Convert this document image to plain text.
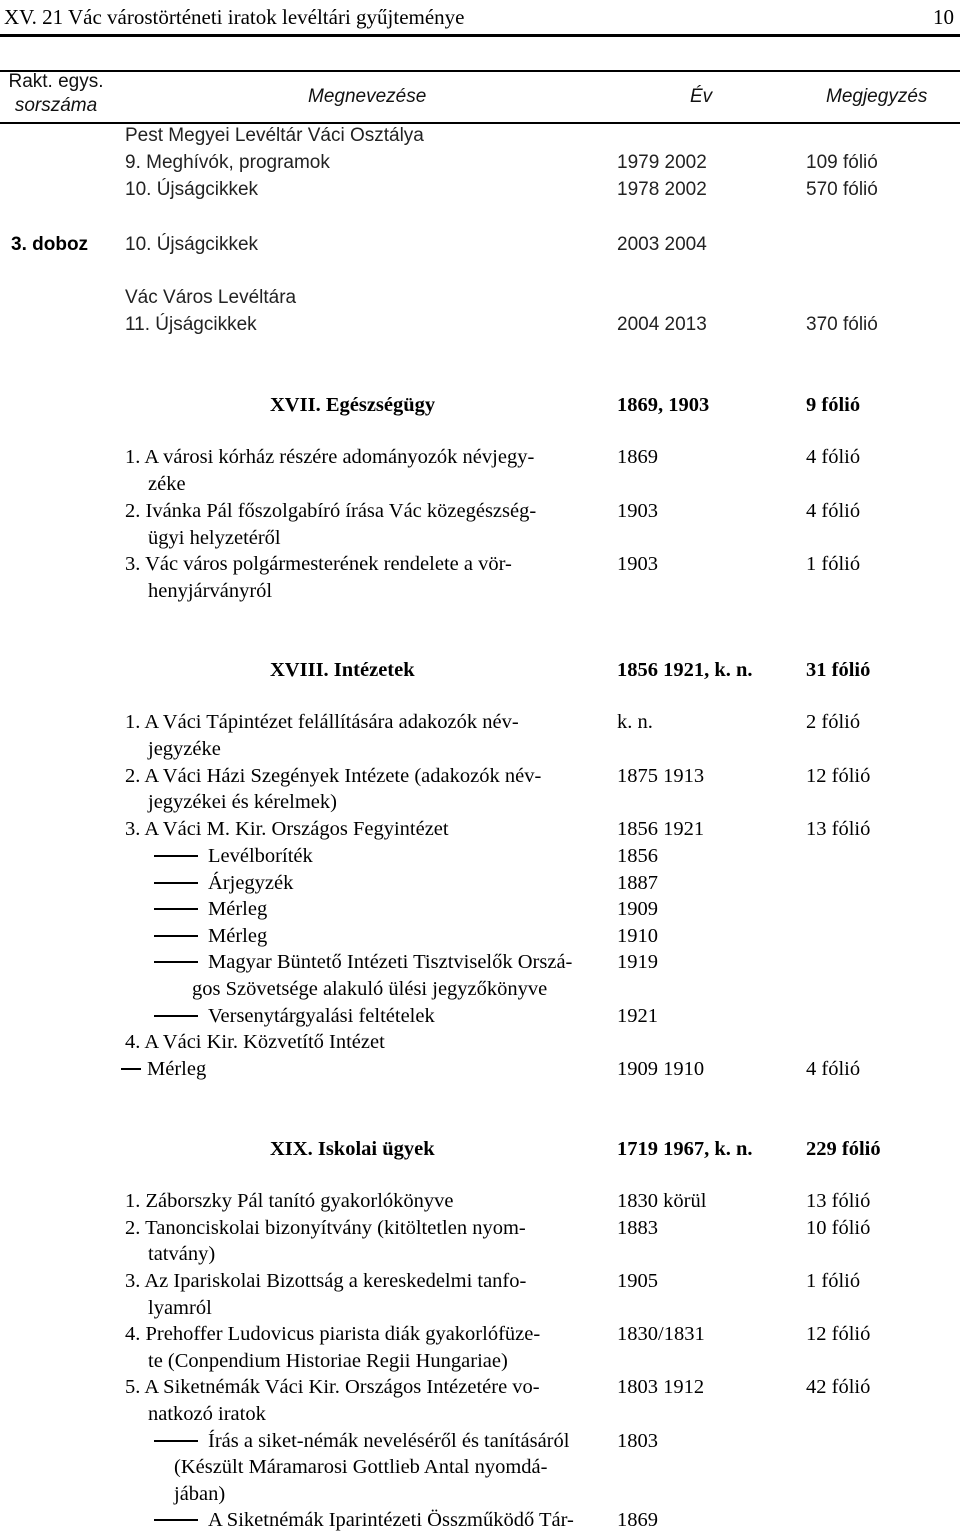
XV. 21 Vác várostörténeti iratok levéltári gyűjteménye	10
Rakt. egys.
sorszáma	Megnevezése	Év	Megjegyzés
Pest Megyei Levéltár Váci Osztálya
9. Meghívók, programok	1979 2002	109 fólió
10. Újságcikkek	1978 2002	570 fólió
3. doboz 10. Újságcikkek	2003 2004
Vác Város Levéltára
11. Újságcikkek	2004 2013	370 fólió
XVII. Egészségügy	1869, 1903	9 fólió
1. A városi kórház részére adományozók névjegy-	1869	4 fólió
zéke
2. Ivánka Pál főszolgabíró írása Vác közegészség-	1903	4 fólió
ügyi helyzetéről
3. Vác város polgármesterének rendelete a vör-	1903	1 fólió
henyjárványról
XVIII. Intézetek	1856 1921, k. n.	31 fólió
1. A Váci Tápintézet felállítására adakozók név-	k. n.	2 fólió
jegyzéke
2. A Váci Házi Szegények Intézete (adakozók név-	1875 1913	12 fólió
jegyzékei és kérelmek)
3. A Váci M. Kir. Országos Fegyintézet	1856 1921	13 fólió
Levélboríték	1856
Árjegyzék	1887
Mérleg	1909
Mérleg	1910
Magyar Büntető Intézeti Tisztviselők Orszá- 1919
gos Szövetsége alakuló ülési jegyzőkönyve
Versenytárgyalási feltételek	1921
4. A Váci Kir. Közvetítő Intézet
Mérleg	1909 1910	4 fólió
XIX. Iskolai ügyek	1719 1967, k. n.	229 fólió
1. Záborszky Pál tanító gyakorlókönyve	1830 körül	13 fólió
2. Tanonciskolai bizonyítvány (kitöltetlen nyom-	1883	10 fólió
tatvány)
3. Az Ipariskolai Bizottság a kereskedelmi tanfo-	1905	1 fólió
lyamról
4. Prehoffer Ludovicus piarista diák gyakorlófüze-	1830/1831	12 fólió
te (Conpendium Historiae Regii Hungariae)
5. A Siketnémák Váci Kir. Országos Intézetére vo-	1803 1912	42 fólió
natkozó iratok
Írás a siket-némák neveléséről és tanításáról 1803
(Készült Máramarosi Gottlieb Antal nyomdá-
jában)
A Siketnémák Iparintézeti Összműködő Tár- 1869
